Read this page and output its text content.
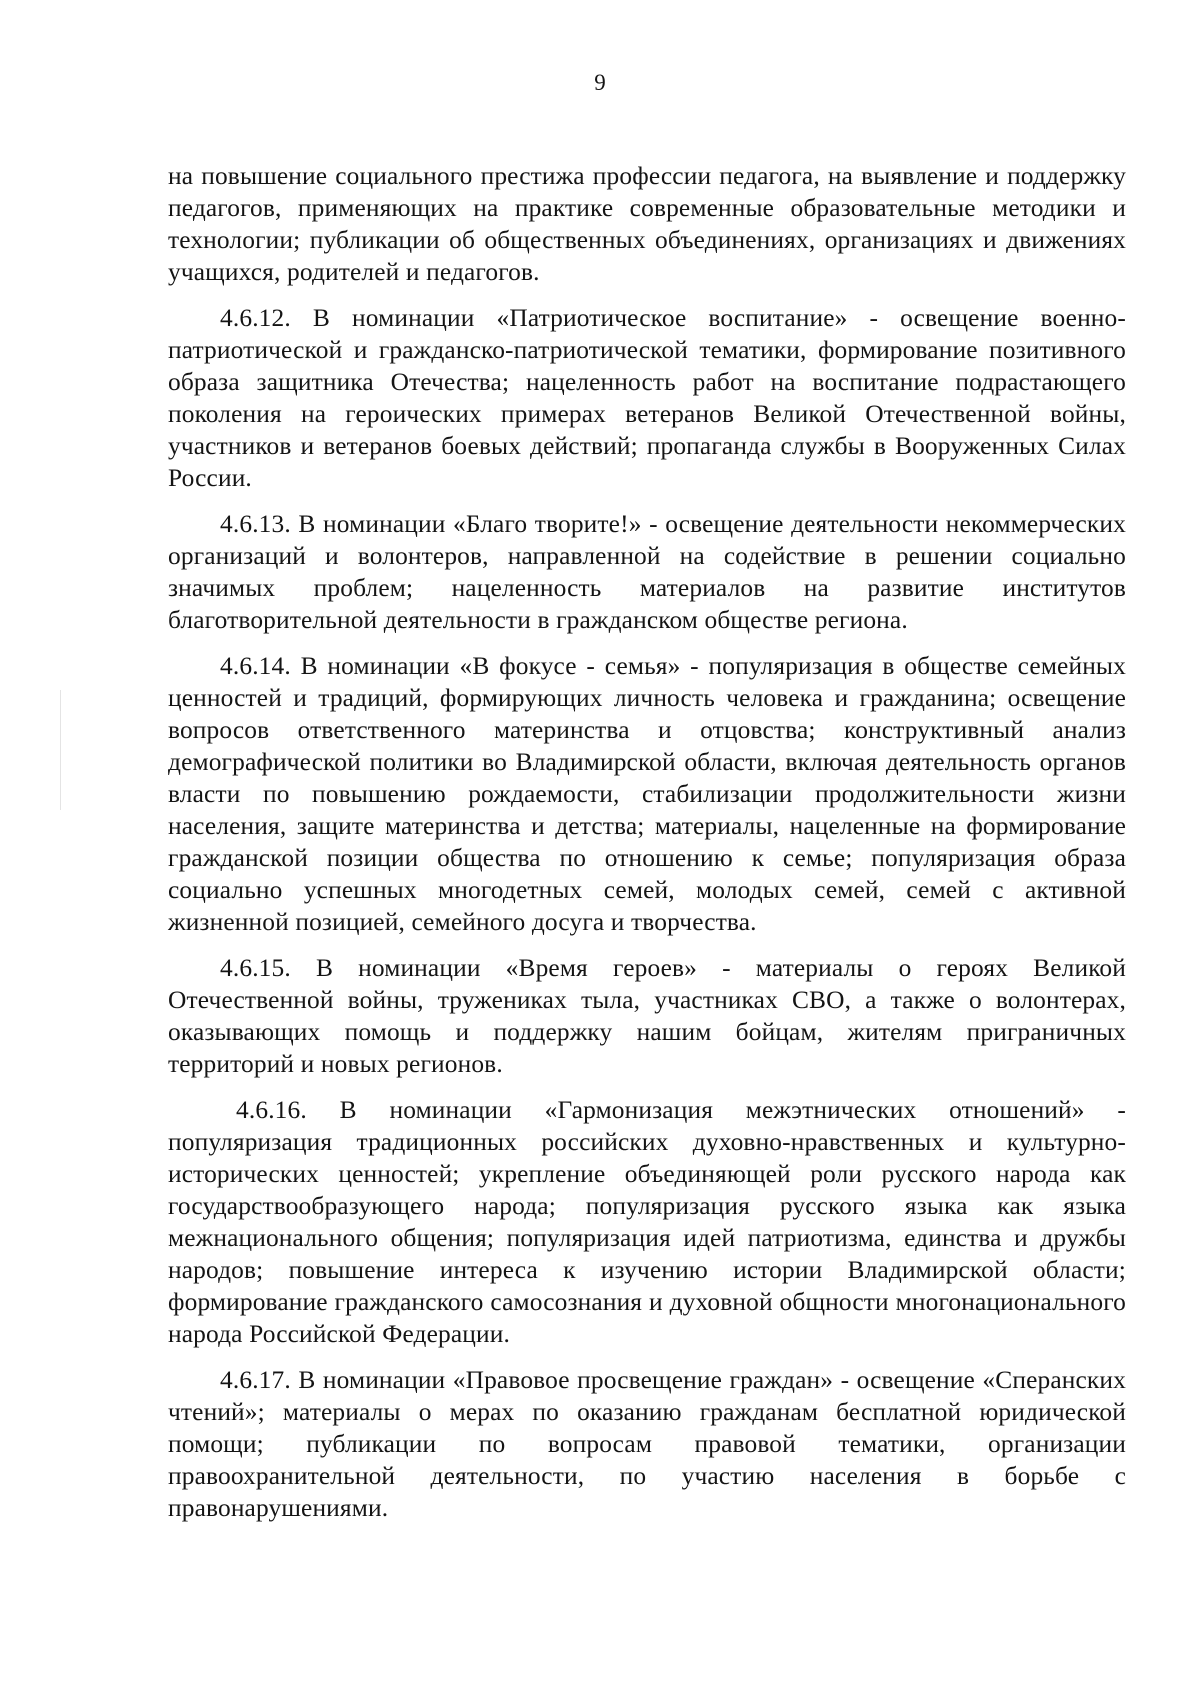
9

на повышение социального престижа профессии педагога, на выявление и поддержку педагогов, применяющих на практике современные образовательные методики и технологии; публикации об общественных объединениях, организациях и движениях учащихся, родителей и педагогов.

4.6.12. В номинации «Патриотическое воспитание» - освещение военно-патриотической и гражданско-патриотической тематики, формирование позитивного образа защитника Отечества; нацеленность работ на воспитание подрастающего поколения на героических примерах ветеранов Великой Отечественной войны, участников и ветеранов боевых действий; пропаганда службы в Вооруженных Силах России.

4.6.13. В номинации «Благо творите!» - освещение деятельности некоммерческих организаций и волонтеров, направленной на содействие в решении социально значимых проблем; нацеленность материалов на развитие институтов благотворительной деятельности в гражданском обществе региона.

4.6.14. В номинации «В фокусе - семья» - популяризация в обществе семейных ценностей и традиций, формирующих личность человека и гражданина; освещение вопросов ответственного материнства и отцовства; конструктивный анализ демографической политики во Владимирской области, включая деятельность органов власти по повышению рождаемости, стабилизации продолжительности жизни населения, защите материнства и детства; материалы, нацеленные на формирование гражданской позиции общества по отношению к семье; популяризация образа социально успешных многодетных семей, молодых семей, семей с активной жизненной позицией, семейного досуга и творчества.

4.6.15. В номинации «Время героев» - материалы о героях Великой Отечественной войны, тружениках тыла, участниках СВО, а также о волонтерах, оказывающих помощь и поддержку нашим бойцам, жителям приграничных территорий и новых регионов.

4.6.16. В номинации «Гармонизация межэтнических отношений» - популяризация традиционных российских духовно-нравственных и культурно-исторических ценностей; укрепление объединяющей роли русского народа как государствообразующего народа; популяризация русского языка как языка межнационального общения; популяризация идей патриотизма, единства и дружбы народов; повышение интереса к изучению истории Владимирской области; формирование гражданского самосознания и духовной общности многонационального народа Российской Федерации.

4.6.17. В номинации «Правовое просвещение граждан» - освещение «Сперанских чтений»; материалы о мерах по оказанию гражданам бесплатной юридической помощи; публикации по вопросам правовой тематики, организации правоохранительной деятельности, по участию населения в борьбе с правонарушениями.
